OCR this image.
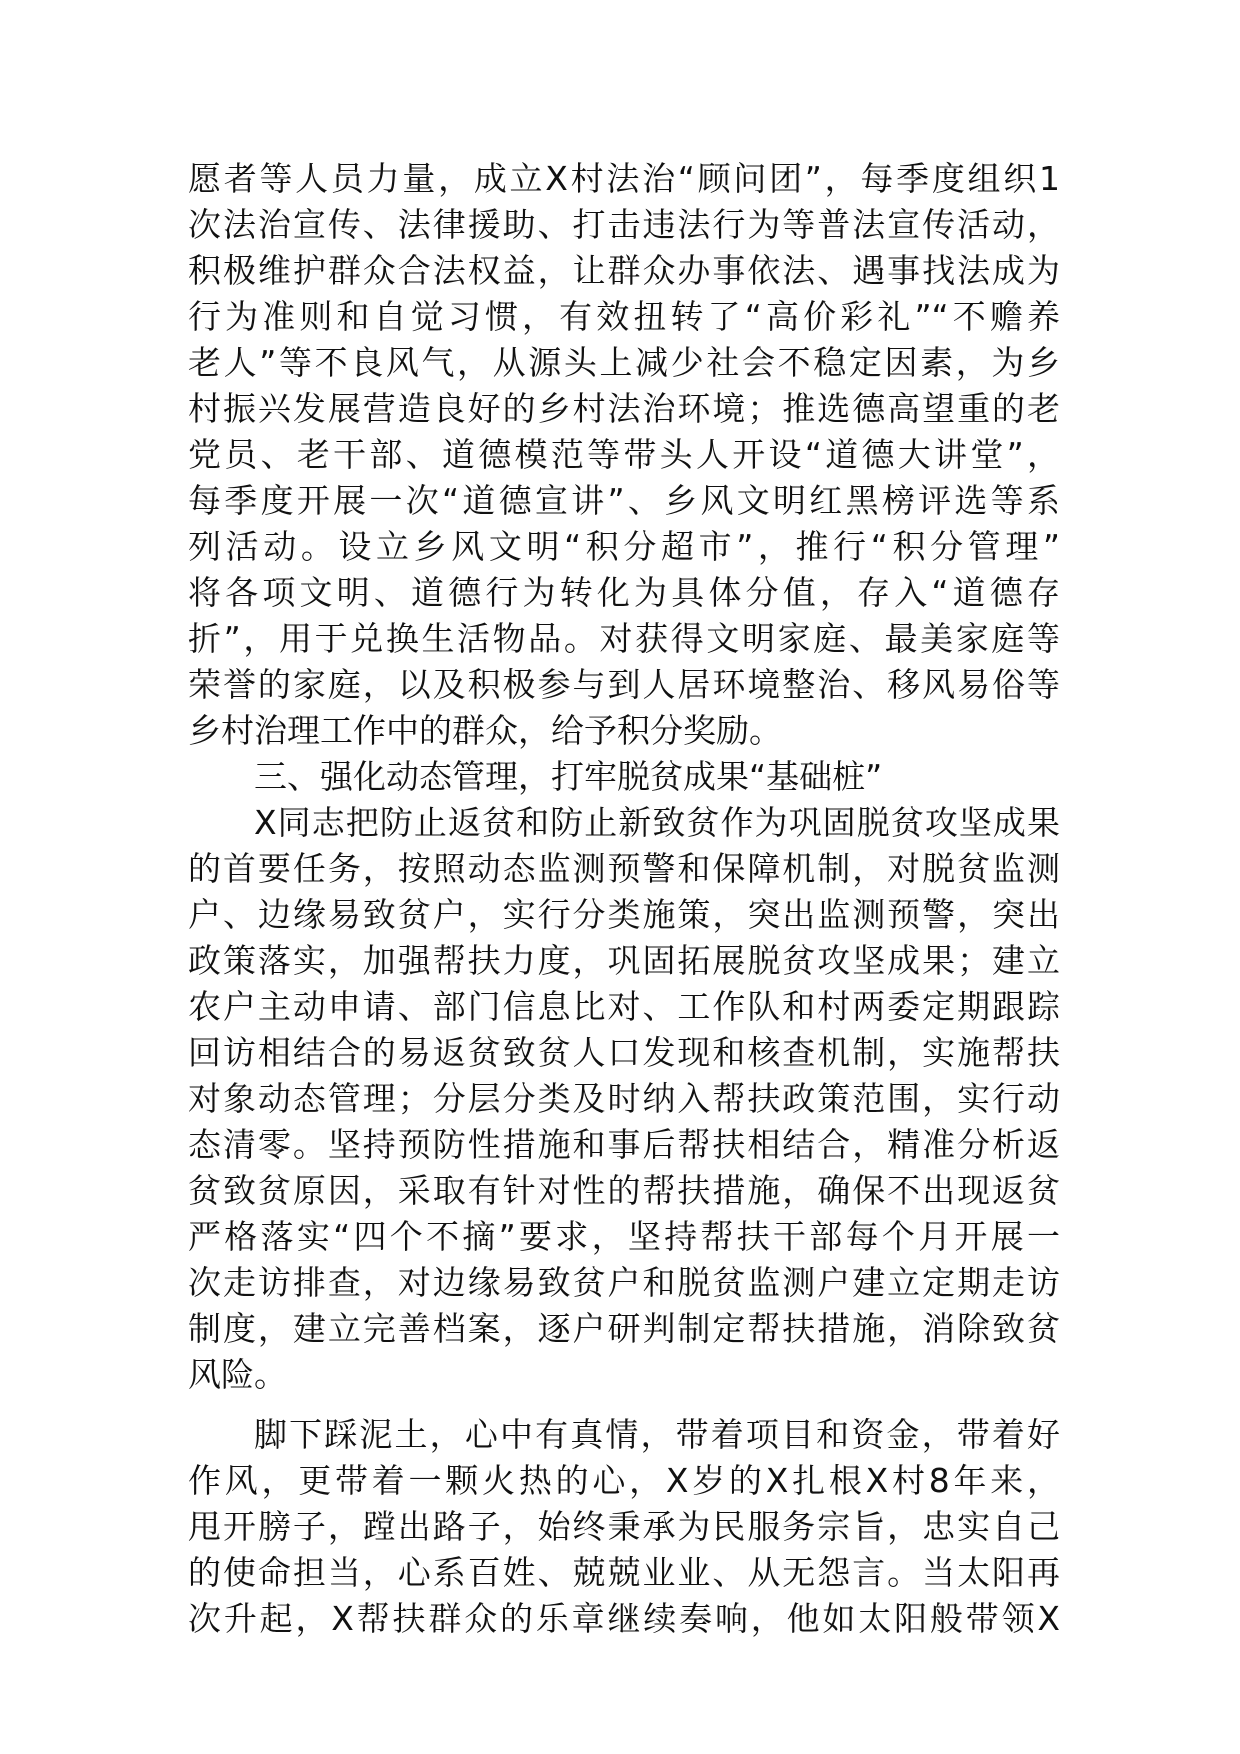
愿者等人员力量，成立X村法治“顾问团”，每季度组织1
次法治宣传、法律援助、打击违法行为等普法宣传活动，
积极维护群众合法权益，让群众办事依法、遇事找法成为
行为准则和自觉习惯，有效扭转了“高价彩礼”“不赡养
老人”等不良风气，从源头上减少社会不稳定因素，为乡
村振兴发展营造良好的乡村法治环境；推选德高望重的老
党员、老干部、道德模范等带头人开设“道德大讲堂”，
每季度开展一次“道德宣讲”、乡风文明红黑榜评选等系
列活动。设立乡风文明“积分超市”，推行“积分管理”
将各项文明、道德行为转化为具体分值，存入“道德存
折”，用于兑换生活物品。对获得文明家庭、最美家庭等
荣誉的家庭，以及积极参与到人居环境整治、移风易俗等
乡村治理工作中的群众，给予积分奖励。
三、强化动态管理，打牢脱贫成果“基础桩”
X同志把防止返贫和防止新致贫作为巩固脱贫攻坚成果
的首要任务，按照动态监测预警和保障机制，对脱贫监测
户、边缘易致贫户，实行分类施策，突出监测预警，突出
政策落实，加强帮扶力度，巩固拓展脱贫攻坚成果；建立
农户主动申请、部门信息比对、工作队和村两委定期跟踪
回访相结合的易返贫致贫人口发现和核查机制，实施帮扶
对象动态管理；分层分类及时纳入帮扶政策范围，实行动
态清零。坚持预防性措施和事后帮扶相结合，精准分析返
贫致贫原因，采取有针对性的帮扶措施，确保不出现返贫
严格落实“四个不摘”要求，坚持帮扶干部每个月开展一
次走访排查，对边缘易致贫户和脱贫监测户建立定期走访
制度，建立完善档案，逐户研判制定帮扶措施，消除致贫
风险。
脚下踩泥土，心中有真情，带着项目和资金，带着好
作风，更带着一颗火热的心，X岁的X扎根X村8年来，
甩开膀子，蹚出路子，始终秉承为民服务宗旨，忠实自己
的使命担当，心系百姓、兢兢业业、从无怨言。当太阳再
次升起，X帮扶群众的乐章继续奏响，他如太阳般带领X
